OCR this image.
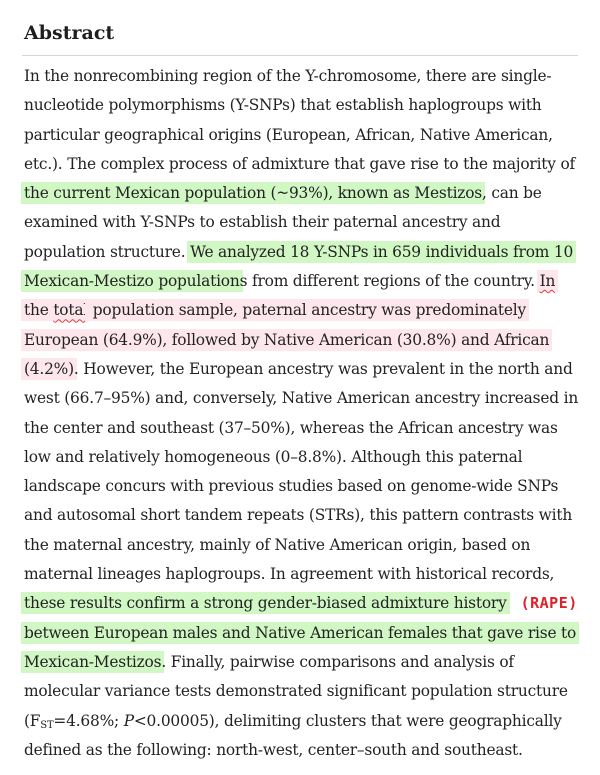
Abstract

In the nonrecombining region of the Y-chromosome, there are single-
nucleotide polymorphisms (Y-SNPs) that establish haplogroups with
particular geographical origins (European, African, Native American,
etc.). The complex process of admixture that gave rise to the majority of
the current Mexican population (~93%), known as Mestizos, can be
examined with Y-SNPs to establish their paternal ancestry and
population structure. We analyzed 18 Y-SNPs in 659 individuals from 10
Mexican-Mestizo populations from different regions of the country. In
the total population sample, paternal ancestry was predominately
European (64.9%), followed by Native American (30.8%) and African
(4.2%). However, the European ancestry was prevalent in the north and
west (66.7–95%) and, conversely, Native American ancestry increased in
the center and southeast (37–50%), whereas the African ancestry was
low and relatively homogeneous (0–8.8%). Although this paternal
landscape concurs with previous studies based on genome-wide SNPs
and autosomal short tandem repeats (STRs), this pattern contrasts with
the maternal ancestry, mainly of Native American origin, based on
maternal lineages haplogroups. In agreement with historical records,
these results confirm a strong gender-biased admixture history (RAPE)
between European males and Native American females that gave rise to
Mexican-Mestizos. Finally, pairwise comparisons and analysis of
molecular variance tests demonstrated significant population structure
($F_{ST}=4.68\%$; P<0.00005), delimiting clusters that were geographically
defined as the following: north-west, center–south and southeast.
